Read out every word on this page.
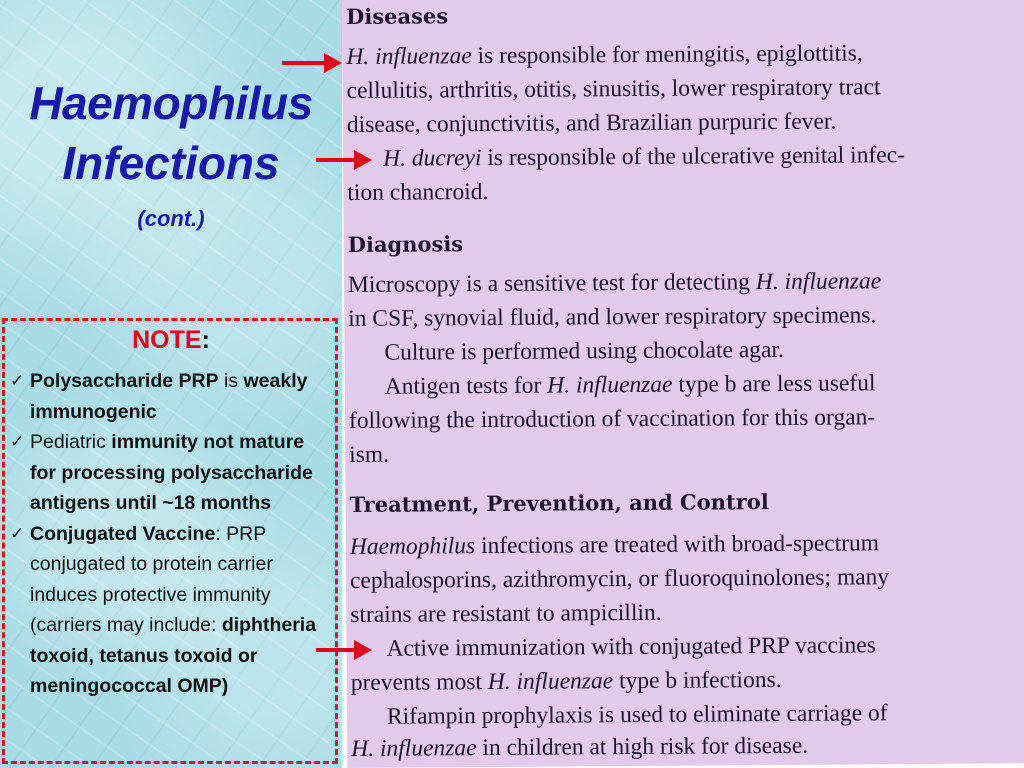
Haemophilus
Infections
(cont.)
NOTE:
✓ Polysaccharide PRP is weakly immunogenic
✓ Pediatric immunity not mature for processing polysaccharide antigens until ~18 months
✓ Conjugated Vaccine: PRP conjugated to protein carrier induces protective immunity (carriers may include: diphtheria toxoid, tetanus toxoid or meningococcal OMP)
Diseases
H. influenzae is responsible for meningitis, epiglottitis,
cellulitis, arthritis, otitis, sinusitis, lower respiratory tract
disease, conjunctivitis, and Brazilian purpuric fever.
H. ducreyi is responsible of the ulcerative genital infec-
tion chancroid.
Diagnosis
Microscopy is a sensitive test for detecting H. influenzae
in CSF, synovial fluid, and lower respiratory specimens.
Culture is performed using chocolate agar.
Antigen tests for H. influenzae type b are less useful
following the introduction of vaccination for this organ-
ism.
Treatment, Prevention, and Control
Haemophilus infections are treated with broad-spectrum
cephalosporins, azithromycin, or fluoroquinolones; many
strains are resistant to ampicillin.
Active immunization with conjugated PRP vaccines
prevents most H. influenzae type b infections.
Rifampin prophylaxis is used to eliminate carriage of
H. influenzae in children at high risk for disease.
